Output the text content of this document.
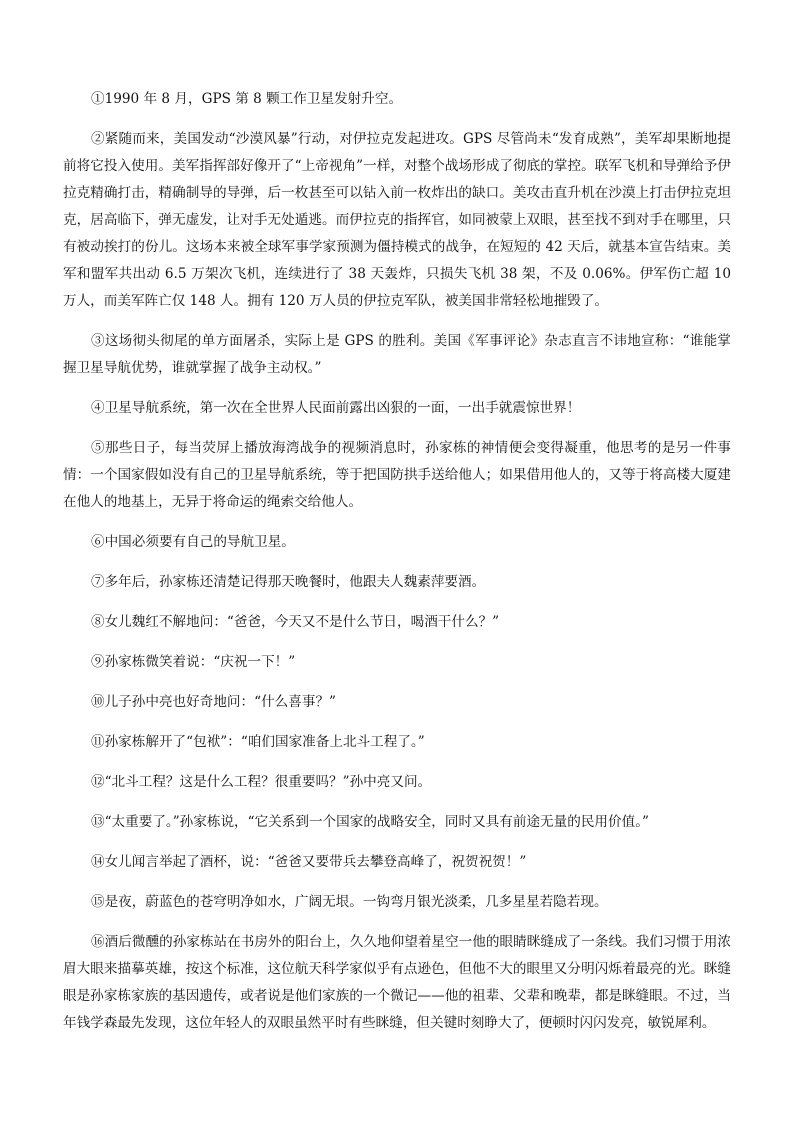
①1990 年 8 月，GPS 第 8 颗工作卫星发射升空。

②紧随而来，美国发动“沙漠风暴”行动，对伊拉克发起进攻。GPS 尽管尚未“发育成熟”，美军却果断地提前将它投入使用。美军指挥部好像开了“上帝视角”一样，对整个战场形成了彻底的掌控。联军飞机和导弹给予伊拉克精确打击，精确制导的导弹，后一枚甚至可以钻入前一枚炸出的缺口。美攻击直升机在沙漠上打击伊拉克坦克，居高临下，弹无虚发，让对手无处遁逃。而伊拉克的指挥官，如同被蒙上双眼，甚至找不到对手在哪里，只有被动挨打的份儿。这场本来被全球军事学家预测为僵持模式的战争，在短短的 42 天后，就基本宣告结束。美军和盟军共出动 6.5 万架次飞机，连续进行了 38 天轰炸，只损失飞机 38 架，不及 0.06%。伊军伤亡超 10 万人，而美军阵亡仅 148 人。拥有 120 万人员的伊拉克军队，被美国非常轻松地摧毁了。

③这场彻头彻尾的单方面屠杀，实际上是 GPS 的胜利。美国《军事评论》杂志直言不讳地宣称：“谁能掌握卫星导航优势，谁就掌握了战争主动权。”

④卫星导航系统，第一次在全世界人民面前露出凶狠的一面，一出手就震惊世界！

⑤那些日子，每当荧屏上播放海湾战争的视频消息时，孙家栋的神情便会变得凝重，他思考的是另一件事情：一个国家假如没有自己的卫星导航系统，等于把国防拱手送给他人；如果借用他人的，又等于将高楼大厦建在他人的地基上，无异于将命运的绳索交给他人。

⑥中国必须要有自己的导航卫星。

⑦多年后，孙家栋还清楚记得那天晚餐时，他跟夫人魏素萍要酒。

⑧女儿魏红不解地问：“爸爸，今天又不是什么节日，喝酒干什么？”

⑨孙家栋微笑着说：“庆祝一下！”

⑩儿子孙中亮也好奇地问：“什么喜事？”

⑪孙家栋解开了“包袱”：“咱们国家准备上北斗工程了。”

⑫“北斗工程？这是什么工程？很重要吗？”孙中亮又问。

⑬“太重要了。”孙家栋说，“它关系到一个国家的战略安全，同时又具有前途无量的民用价值。”

⑭女儿闻言举起了酒杯，说：“爸爸又要带兵去攀登高峰了，祝贺祝贺！”

⑮是夜，蔚蓝色的苍穹明净如水，广阔无垠。一钩弯月银光淡柔，几多星星若隐若现。

⑯酒后微醺的孙家栋站在书房外的阳台上，久久地仰望着星空一他的眼睛眯缝成了一条线。我们习惯于用浓眉大眼来描摹英雄，按这个标准，这位航天科学家似乎有点逊色，但他不大的眼里又分明闪烁着最亮的光。眯缝眼是孙家栋家族的基因遗传，或者说是他们家族的一个微记——他的祖辈、父辈和晚辈，都是眯缝眼。不过，当年钱学森最先发现，这位年轻人的双眼虽然平时有些眯缝，但关键时刻睁大了，便顿时闪闪发亮，敏锐犀利。
